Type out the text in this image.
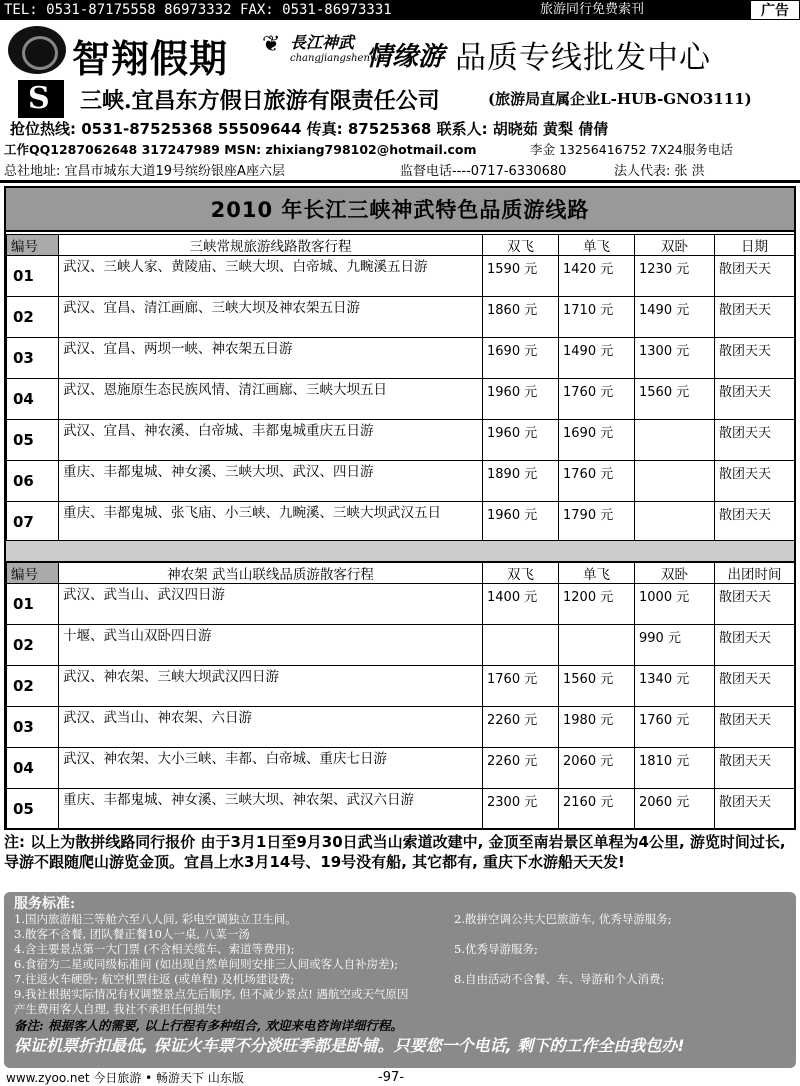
TEL: 0531-87175558 86973332 FAX: 0531-86973331	旅游同行免费索刊	广告
智翔假期 ❦ 長江神武
changjiangshenwu
情缘游 品质专线批发中心
S 三峡.宜昌东方假日旅游有限责任公司	(旅游局直属企业L-HUB-GNO3111)
抢位热线: 0531-87525368 55509644 传真: 87525368 联系人: 胡晓茹 黄梨 倩倩
工作QQ1287062648 317247989 MSN: zhixiang798102@hotmail.com	李金 13256416752 7X24服务电话
总社地址: 宜昌市城东大道19号缤纷银座A座六层	监督电话----0717-6330680	法人代表: 张 洪
2010 年长江三峡神武特色品质游线路
编号	三峡常规旅游线路散客行程	双飞	单飞	双卧	日期
01	武汉、三峡人家、黄陵庙、三峡大坝、白帝城、九畹溪五日游	1590 元	1420 元	1230 元	散团天天
02	武汉、宜昌、清江画廊、三峡大坝及神农架五日游	1860 元	1710 元	1490 元	散团天天
03	武汉、宜昌、两坝一峡、神农架五日游	1690 元	1490 元	1300 元	散团天天
04	武汉、恩施原生态民族风情、清江画廊、三峡大坝五日	1960 元	1760 元	1560 元	散团天天
05	武汉、宜昌、神农溪、白帝城、丰都鬼城重庆五日游	1960 元	1690 元		散团天天
06	重庆、丰都鬼城、神女溪、三峡大坝、武汉、四日游	1890 元	1760 元		散团天天
07	重庆、丰都鬼城、张飞庙、小三峡、九畹溪、三峡大坝武汉五日	1960 元	1790 元		散团天天
编号	神农架 武当山联线品质游散客行程	双飞	单飞	双卧	出团时间
01	武汉、武当山、武汉四日游	1400 元	1200 元	1000 元	散团天天
02	十堰、武当山双卧四日游			990 元	散团天天
02	武汉、神农架、三峡大坝武汉四日游	1760 元	1560 元	1340 元	散团天天
03	武汉、武当山、神农架、六日游	2260 元	1980 元	1760 元	散团天天
04	武汉、神农架、大小三峡、丰都、白帝城、重庆七日游	2260 元	2060 元	1810 元	散团天天
05	重庆、丰都鬼城、神女溪、三峡大坝、神农架、武汉六日游	2300 元	2160 元	2060 元	散团天天
注: 以上为散拼线路同行报价 由于3月1日至9月30日武当山索道改建中, 金顶至南岩景区单程为4公里, 游览时间过长, 导游不跟随爬山游览金顶。宜昌上水3月14号、19号没有船, 其它都有, 重庆下水游船天天发!
服务标准:
1.国内旅游船三等舱六至八人间, 彩电空调独立卫生间。	2.散拼空调公共大巴旅游车, 优秀导游服务;
3.散客不含餐, 团队餐正餐10人一桌, 八菜一汤
4.含主要景点第一大门票 (不含相关缆车、索道等费用);	5.优秀导游服务;
6.食宿为二星或同级标准间 (如出现自然单间则安排三人间或客人自补房差);
7.往返火车硬卧; 航空机票往返 (或单程) 及机场建设费;	8.自由活动不含餐、车、导游和个人消费;
9.我社根据实际情况有权调整景点先后顺序, 但不减少景点! 遇航空或天气原因
产生费用客人自理, 我社不承担任何损失!
备注: 根据客人的需要, 以上行程有多种组合, 欢迎来电咨询详细行程。
保证机票折扣最低, 保证火车票不分淡旺季都是卧铺。只要您一个电话, 剩下的工作全由我包办!
www.zyoo.net 今日旅游 • 畅游天下 山东版	-97-
